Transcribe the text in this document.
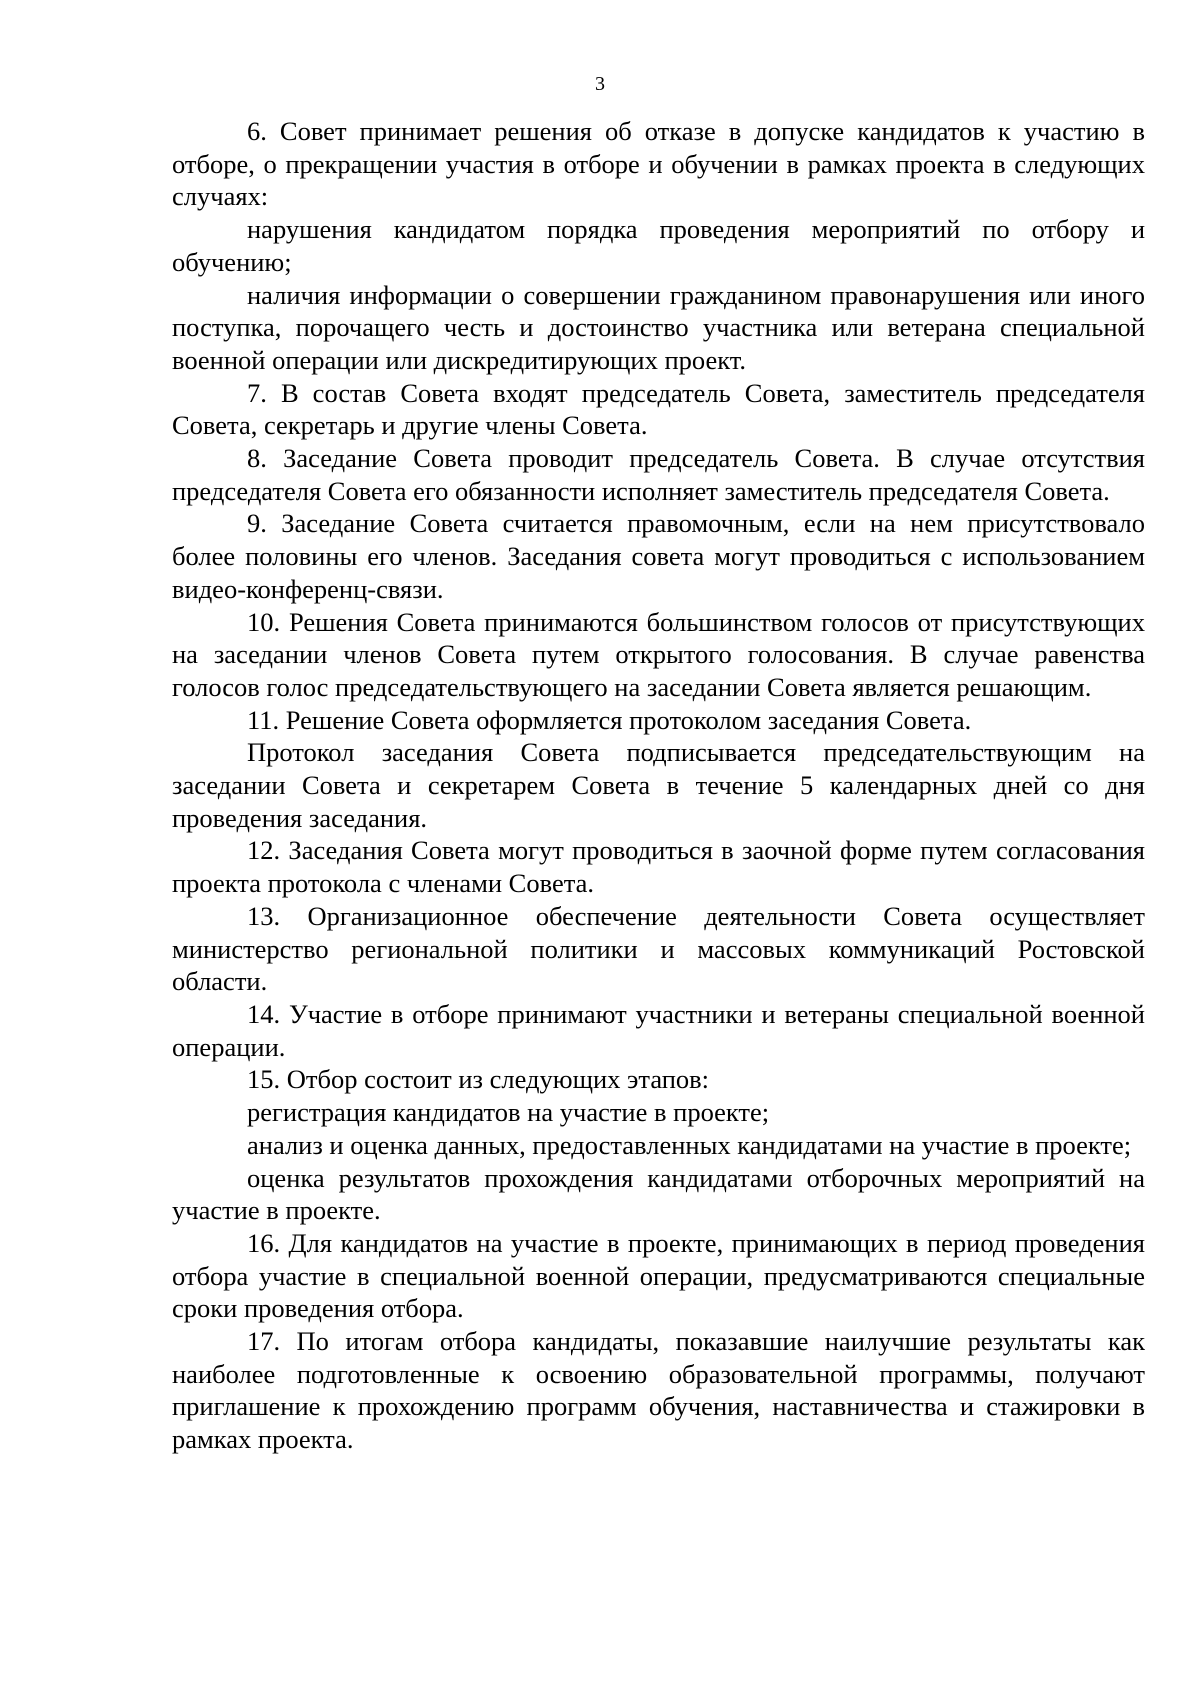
3

6. Совет принимает решения об отказе в допуске кандидатов к участию в отборе, о прекращении участия в отборе и обучении в рамках проекта в следующих случаях:

нарушения кандидатом порядка проведения мероприятий по отбору и обучению;

наличия информации о совершении гражданином правонарушения или иного поступка, порочащего честь и достоинство участника или ветерана специальной военной операции или дискредитирующих проект.

7. В состав Совета входят председатель Совета, заместитель председателя Совета, секретарь и другие члены Совета.

8. Заседание Совета проводит председатель Совета. В случае отсутствия председателя Совета его обязанности исполняет заместитель председателя Совета.

9. Заседание Совета считается правомочным, если на нем присутствовало более половины его членов. Заседания совета могут проводиться с использованием видео-конференц-связи.

10. Решения Совета принимаются большинством голосов от присутствующих на заседании членов Совета путем открытого голосования. В случае равенства голосов голос председательствующего на заседании Совета является решающим.

11. Решение Совета оформляется протоколом заседания Совета.

Протокол заседания Совета подписывается председательствующим на заседании Совета и секретарем Совета в течение 5 календарных дней со дня проведения заседания.

12. Заседания Совета могут проводиться в заочной форме путем согласования проекта протокола с членами Совета.

13. Организационное обеспечение деятельности Совета осуществляет министерство региональной политики и массовых коммуникаций Ростовской области.

14. Участие в отборе принимают участники и ветераны специальной военной операции.

15. Отбор состоит из следующих этапов:

регистрация кандидатов на участие в проекте;

анализ и оценка данных, предоставленных кандидатами на участие в проекте;

оценка результатов прохождения кандидатами отборочных мероприятий на участие в проекте.

16. Для кандидатов на участие в проекте, принимающих в период проведения отбора участие в специальной военной операции, предусматриваются специальные сроки проведения отбора.

17. По итогам отбора кандидаты, показавшие наилучшие результаты как наиболее подготовленные к освоению образовательной программы, получают приглашение к прохождению программ обучения, наставничества и стажировки в рамках проекта.
